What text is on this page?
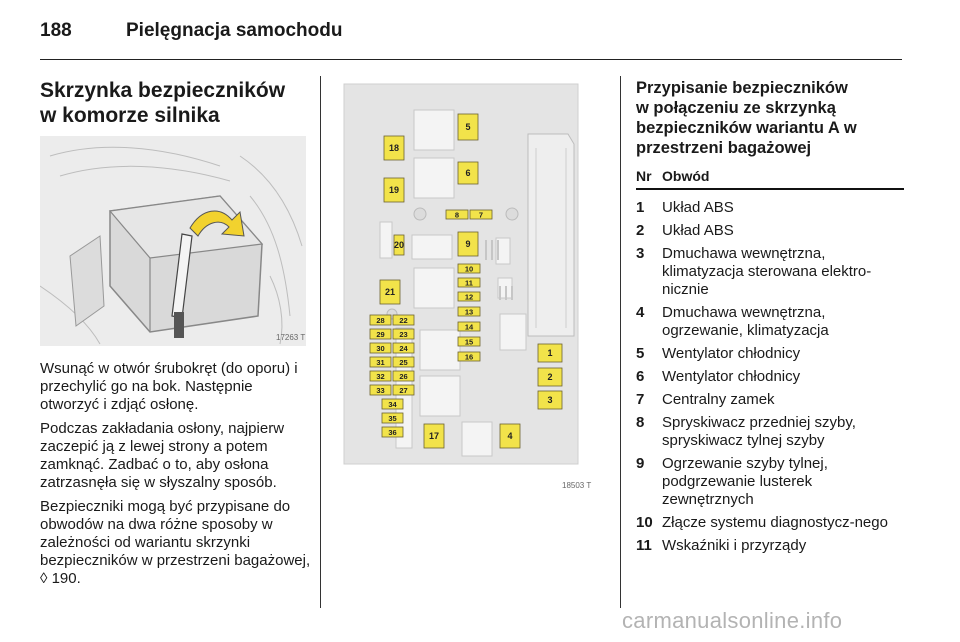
188	Pielęgnacja samochodu
Skrzynka bezpieczników
w komorze silnika
17263 T

Wsunąć w otwór śrubokręt (do oporu) i przechylić go na bok. Następnie otworzyć i zdjąć osłonę.

Podczas zakładania osłony, najpierw zaczepić ją z lewej strony a potem zamknąć. Zadbać o to, aby osłona zatrzasnęła się w słyszalny sposób.

Bezpieczniki mogą być przypisane do obwodów na dwa różne sposoby w zależności od wariantu skrzynki bezpieczników w przestrzeni bagażowej, ◊ 190.

1
2
3
4
17
5
6
9
8	7
10
11
12
13
14
15
16
18
19
20
21
28 22
29 23
30 24
31 25
32 26
33 27
34
35
36
18503 T
Przypisanie bezpieczników
w połączeniu ze skrzynką
bezpieczników wariantu A w
przestrzeni bagażowej
Nr Obwód
1 Układ ABS
2 Układ ABS
3 Dmuchawa wewnętrzna, klimatyzacja sterowana elektro-nicznie
4 Dmuchawa wewnętrzna, ogrzewanie, klimatyzacja
5 Wentylator chłodnicy
6 Wentylator chłodnicy
7 Centralny zamek
8 Spryskiwacz przedniej szyby, spryskiwacz tylnej szyby
9 Ogrzewanie szyby tylnej, podgrzewanie lusterek zewnętrznych
10 Złącze systemu diagnostycz-nego
11 Wskaźniki i przyrządy
carmanualsonline.info
